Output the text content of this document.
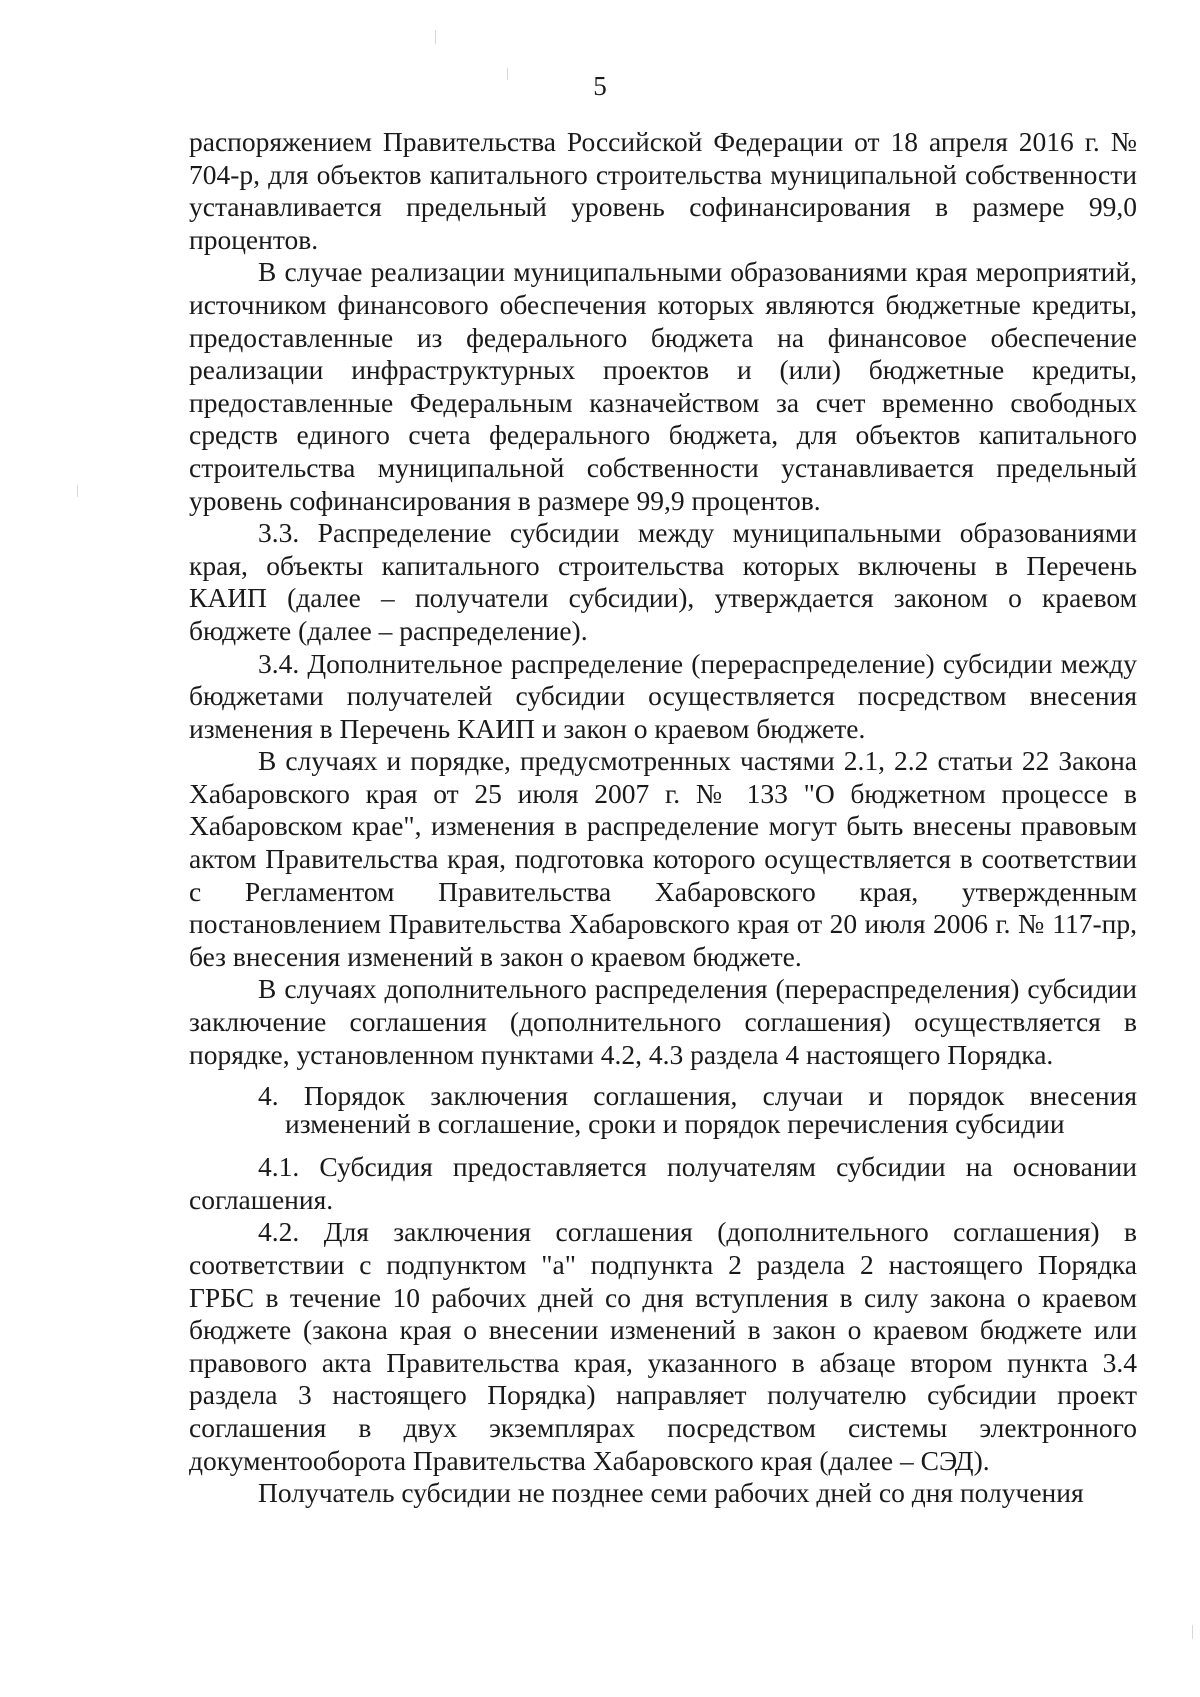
5

распоряжением Правительства Российской Федерации от 18 апреля 2016 г. № 704-р, для объектов капитального строительства муниципальной собственности устанавливается предельный уровень софинансирования в размере 99,0 процентов.

В случае реализации муниципальными образованиями края мероприятий, источником финансового обеспечения которых являются бюджетные кредиты, предоставленные из федерального бюджета на финансовое обеспечение реализации инфраструктурных проектов и (или) бюджетные кредиты, предоставленные Федеральным казначейством за счет временно свободных средств единого счета федерального бюджета, для объектов капитального строительства муниципальной собственности устанавливается предельный уровень софинансирования в размере 99,9 процентов.

3.3. Распределение субсидии между муниципальными образованиями края, объекты капитального строительства которых включены в Перечень КАИП (далее – получатели субсидии), утверждается законом о краевом бюджете (далее – распределение).

3.4. Дополнительное распределение (перераспределение) субсидии между бюджетами получателей субсидии осуществляется посредством внесения изменения в Перечень КАИП и закон о краевом бюджете.

В случаях и порядке, предусмотренных частями 2.1, 2.2 статьи 22 Закона Хабаровского края от 25 июля 2007 г. № 133 "О бюджетном процессе в Хабаровском крае", изменения в распределение могут быть внесены правовым актом Правительства края, подготовка которого осуществляется в соответствии с Регламентом Правительства Хабаровского края, утвержденным постановлением Правительства Хабаровского края от 20 июля 2006 г. № 117-пр, без внесения изменений в закон о краевом бюджете.

В случаях дополнительного распределения (перераспределения) субсидии заключение соглашения (дополнительного соглашения) осуществляется в порядке, установленном пунктами 4.2, 4.3 раздела 4 настоящего Порядка.

4. Порядок заключения соглашения, случаи и порядок внесения изменений в соглашение, сроки и порядок перечисления субсидии

4.1. Субсидия предоставляется получателям субсидии на основании соглашения.

4.2. Для заключения соглашения (дополнительного соглашения) в соответствии с подпунктом "а" подпункта 2 раздела 2 настоящего Порядка ГРБС в течение 10 рабочих дней со дня вступления в силу закона о краевом бюджете (закона края о внесении изменений в закон о краевом бюджете или правового акта Правительства края, указанного в абзаце втором пункта 3.4 раздела 3 настоящего Порядка) направляет получателю субсидии проект соглашения в двух экземплярах посредством системы электронного документооборота Правительства Хабаровского края (далее – СЭД).

Получатель субсидии не позднее семи рабочих дней со дня получения
